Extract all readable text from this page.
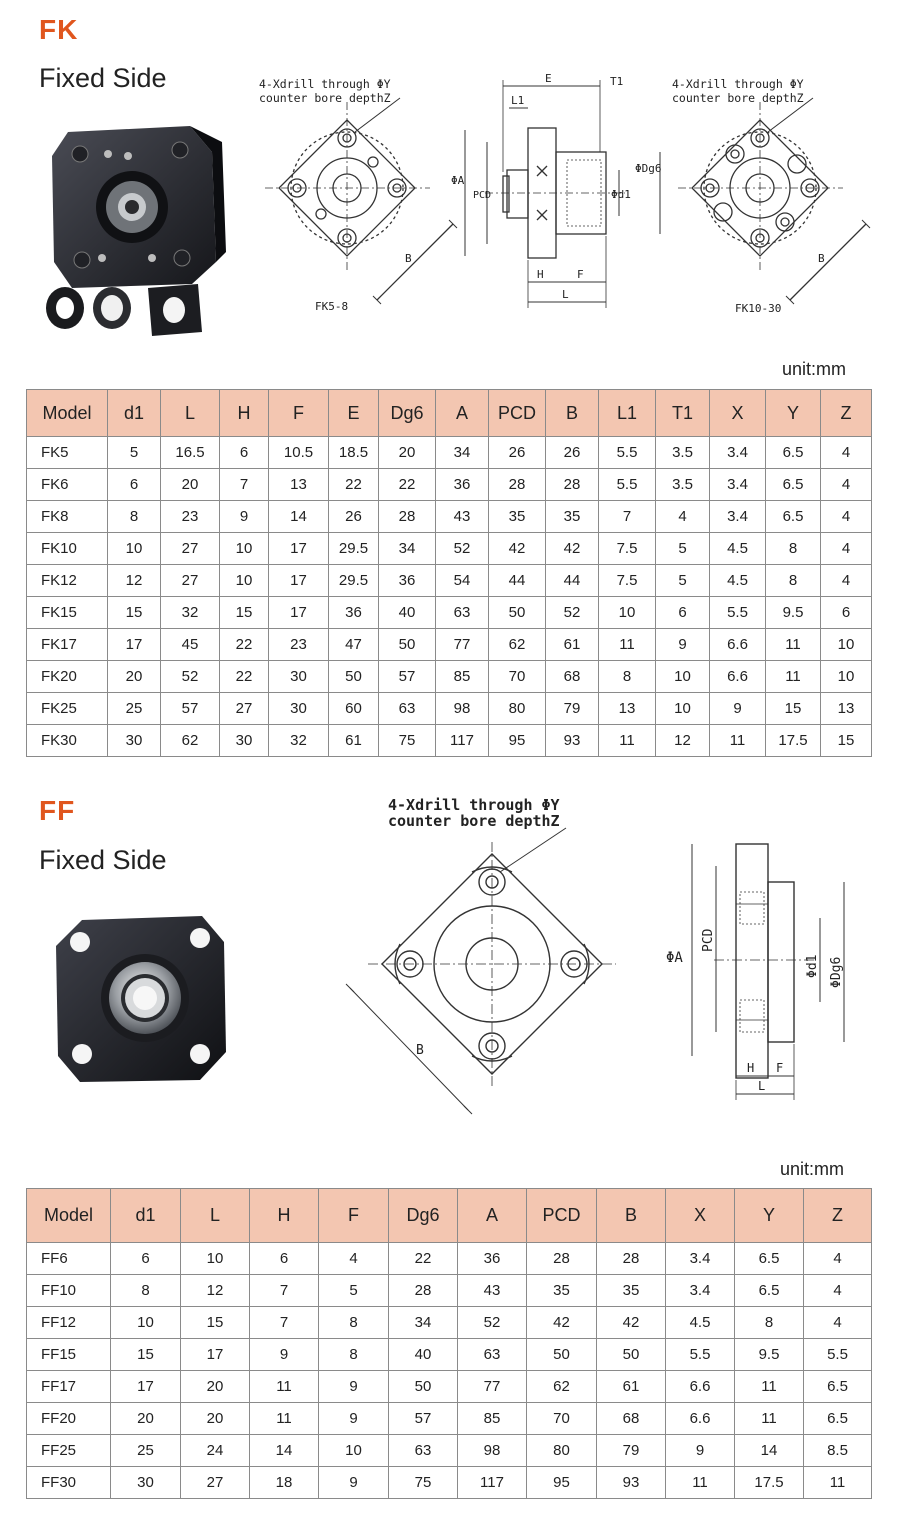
FK
Fixed Side	4-Xdrill through ΦY
counter bore depthZ
FK5-8
B
E	T1
L1
ΦA
PCD
ΦDg6
Φd1
H	F
L
4-Xdrill through ΦY
counter bore depthZ
FK10-30
B
unit:mm
Model	d1	L	H	F	E	Dg6	A	PCD	B	L1	T1	X	Y	Z
FK5	5	16.5	6	10.5	18.5	20	34	26	26	5.5	3.5	3.4	6.5	4
FK6	6	20	7	13	22	22	36	28	28	5.5	3.5	3.4	6.5	4
FK8	8	23	9	14	26	28	43	35	35	7	4	3.4	6.5	4
FK10	10	27	10	17	29.5	34	52	42	42	7.5	5	4.5	8	4
FK12	12	27	10	17	29.5	36	54	44	44	7.5	5	4.5	8	4
FK15	15	32	15	17	36	40	63	50	52	10	6	5.5	9.5	6
FK17	17	45	22	23	47	50	77	62	61	11	9	6.6	11	10
FK20	20	52	22	30	50	57	85	70	68	8	10	6.6	11	10
FK25	25	57	27	30	60	63	98	80	79	13	10	9	15	13
FK30	30	62	30	32	61	75	117	95	93	11	12	11	17.5	15
FF
Fixed Side
4-Xdrill through ΦY
counter bore depthZ
B
ΦA
PCD
Φd1 ΦDg6
H F
L
unit:mm
Model	d1	L	H	F	Dg6	A	PCD	B	X	Y	Z
FF6	6	10	6	4	22	36	28	28	3.4	6.5	4
FF10	8	12	7	5	28	43	35	35	3.4	6.5	4
FF12	10	15	7	8	34	52	42	42	4.5	8	4
FF15	15	17	9	8	40	63	50	50	5.5	9.5	5.5
FF17	17	20	11	9	50	77	62	61	6.6	11	6.5
FF20	20	20	11	9	57	85	70	68	6.6	11	6.5
FF25	25	24	14	10	63	98	80	79	9	14	8.5
FF30	30	27	18	9	75	117	95	93	11	17.5	11
